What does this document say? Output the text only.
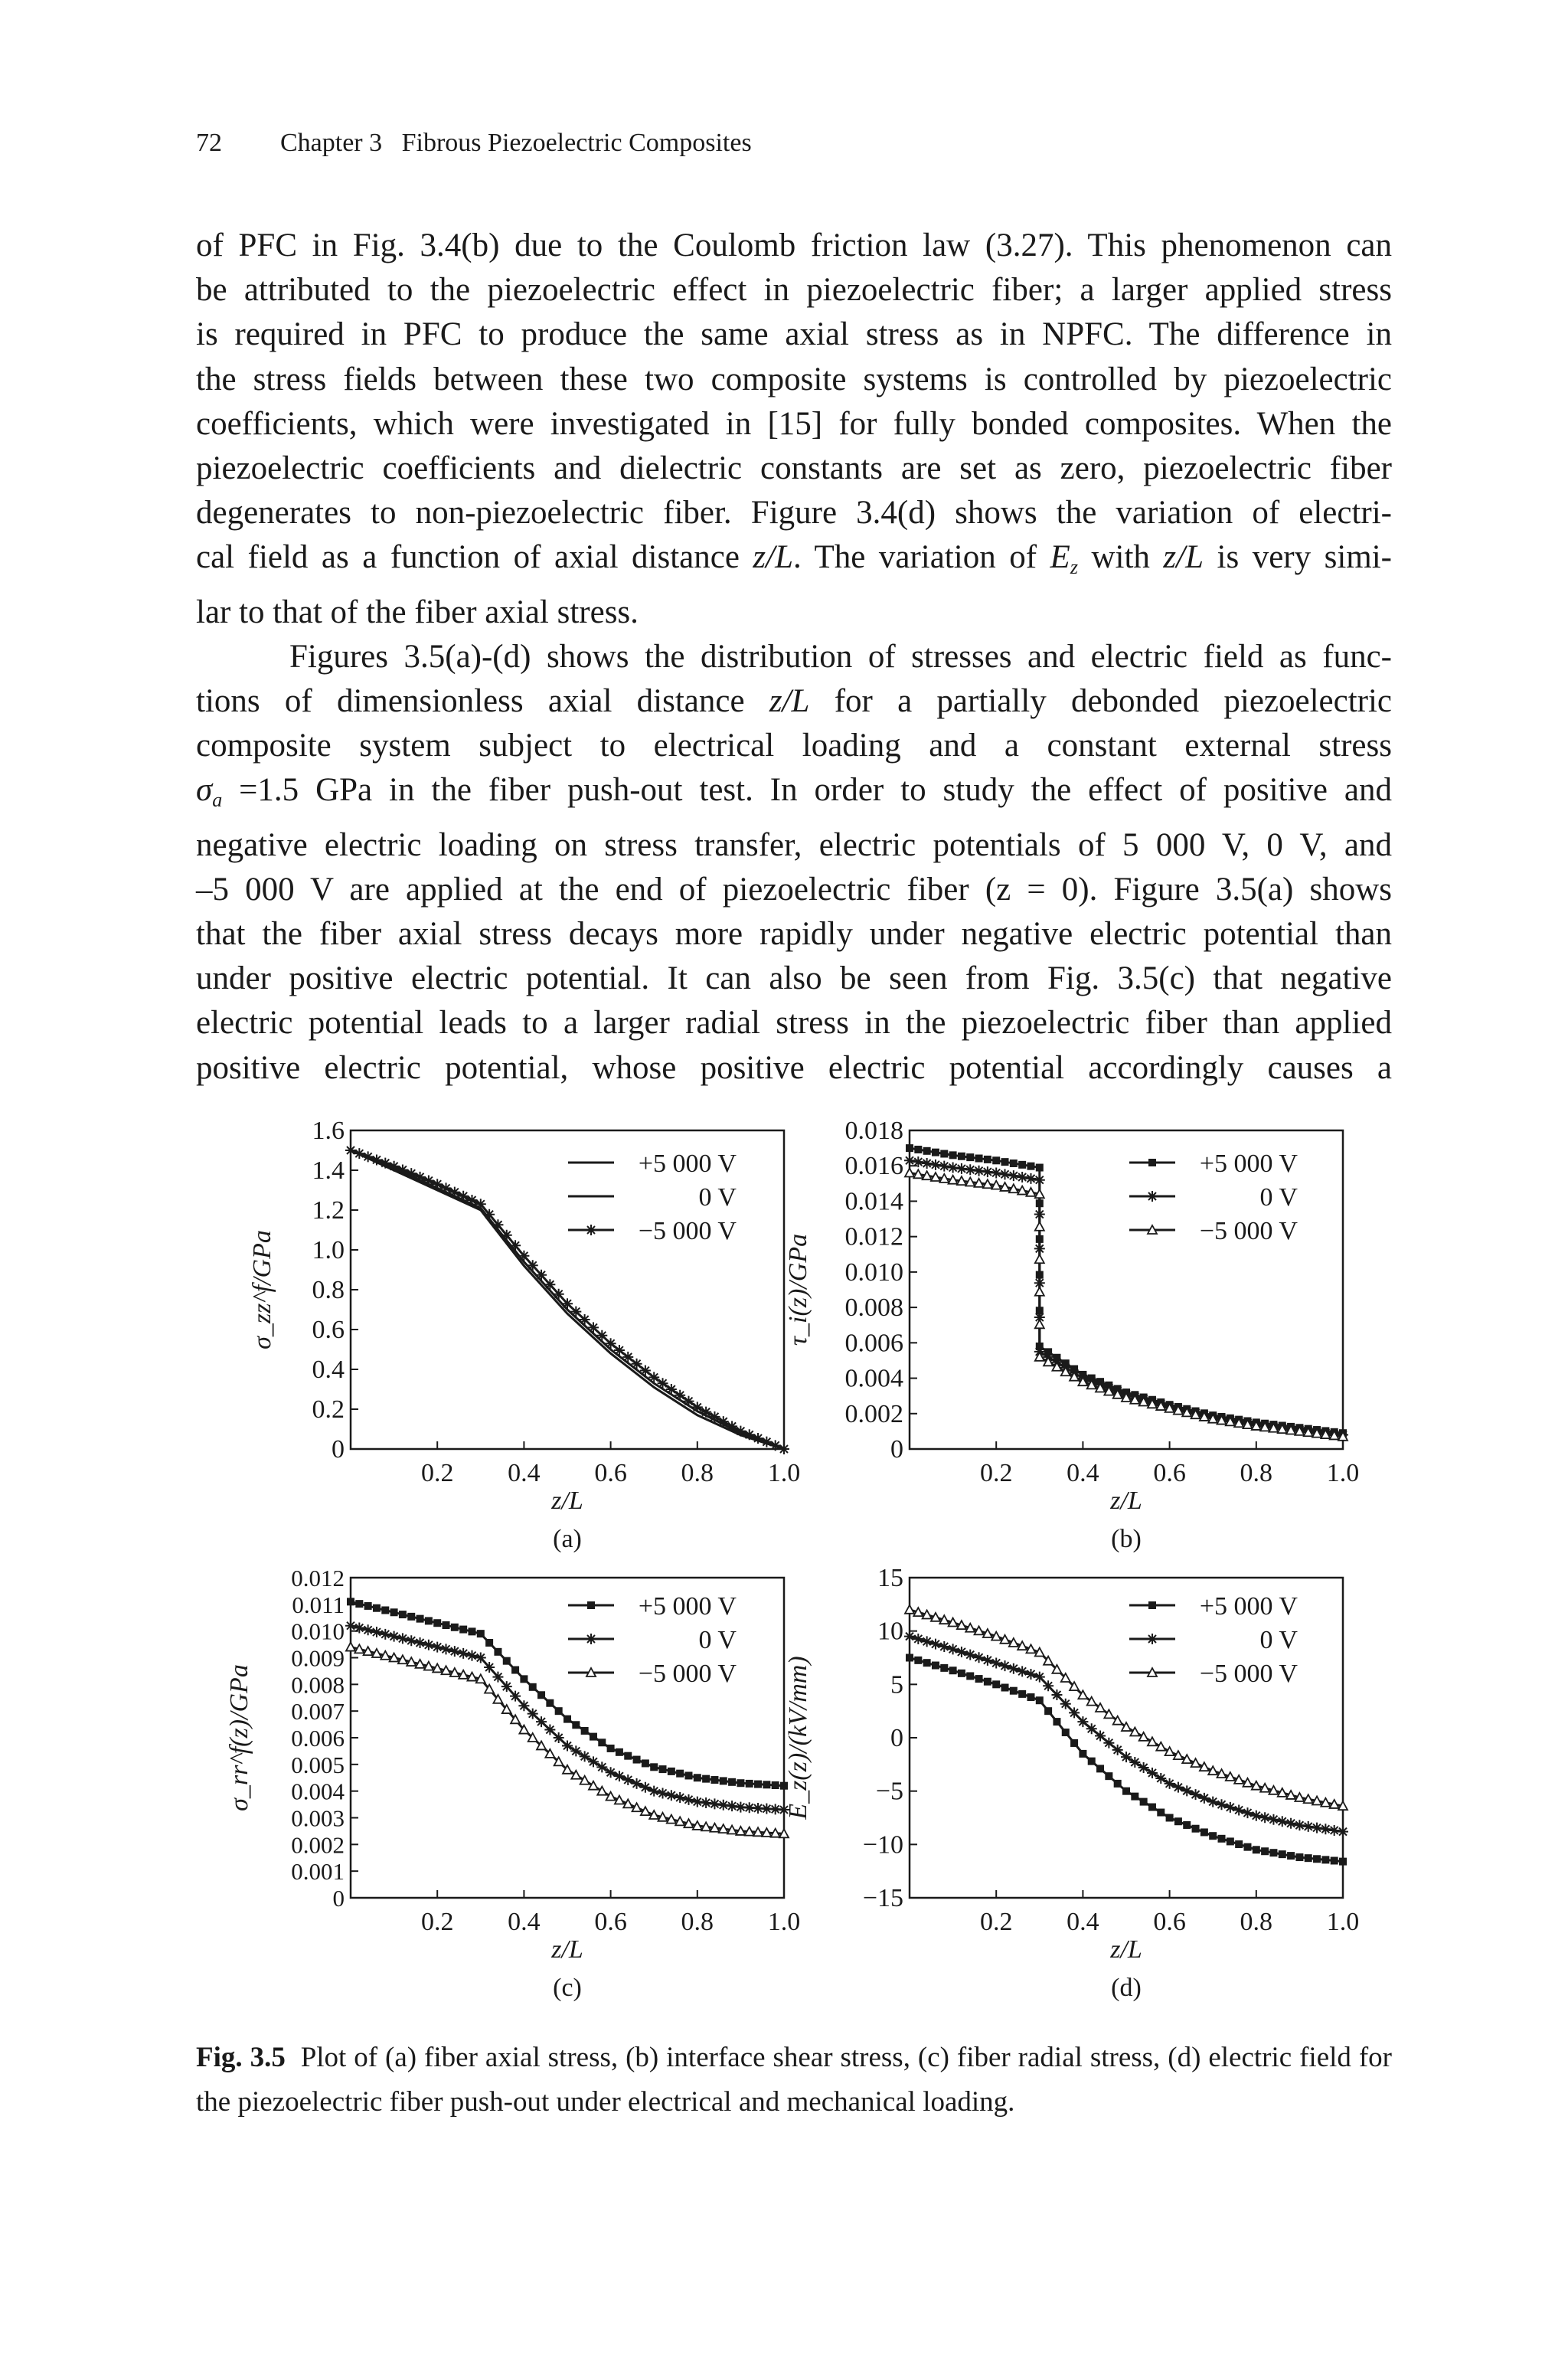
72 Chapter 3   Fibrous Piezoelectric Composites

of PFC in Fig. 3.4(b) due to the Coulomb friction law (3.27). This phenomenon can
be attributed to the piezoelectric effect in piezoelectric fiber; a larger applied stress
is required in PFC to produce the same axial stress as in NPFC. The difference in
the stress fields between these two composite systems is controlled by piezoelectric
coefficients, which were investigated in [15] for fully bonded composites. When the
piezoelectric coefficients and dielectric constants are set as zero, piezoelectric fiber
degenerates to non-piezoelectric fiber. Figure 3.4(d) shows the variation of electri-
cal field as a function of axial distance z/L. The variation of $E_z$ with z/L is very simi-
lar to that of the fiber axial stress.

Figures 3.5(a)-(d) shows the distribution of stresses and electric field as func-
tions of dimensionless axial distance z/L for a partially debonded piezoelectric
composite system subject to electrical loading and a constant external stress
$\sigma_a =1.5$ GPa in the fiber push-out test. In order to study the effect of positive and
negative electric loading on stress transfer, electric potentials of 5 000 V, 0 V, and
–5 000 V are applied at the end of piezoelectric fiber (z = 0). Figure 3.5(a) shows
that the fiber axial stress decays more rapidly under negative electric potential than
under positive electric potential. It can also be seen from Fig. 3.5(c) that negative
electric potential leads to a larger radial stress in the piezoelectric fiber than applied
positive electric potential, whose positive electric potential accordingly causes a

0
0.2
0.4
0.6
0.8
1.0
1.2
1.4
1.6
0.2 0.4 0.6 0.8 1.0
z/L
(a)
σ_zz^f/GPa
+5 000 V
0 V
−5 000 V
0
0.002
0.004
0.006
0.008
0.010
0.012
0.014
0.016
0.018
0.2 0.4 0.6 0.8 1.0
z/L
(b)
τ_i(z)/GPa
+5 000 V
0 V
−5 000 V
0
0.001
0.002
0.003
0.004
0.005
0.006
0.007
0.008
0.009
0.010
0.011
0.012
0.2 0.4 0.6 0.8 1.0
z/L
(c)
σ_rr^f(z)/GPa
+5 000 V
0 V
−5 000 V
−15
−10
−5
0
5
10
15
0.2 0.4 0.6 0.8 1.0
z/L
(d)
E_z(z)/(kV/mm)
+5 000 V
0 V
−5 000 V
Fig. 3.5 Plot of (a) fiber axial stress, (b) interface shear stress, (c) fiber radial stress, (d) electric field for the piezoelectric fiber push-out under electrical and mechanical loading.
